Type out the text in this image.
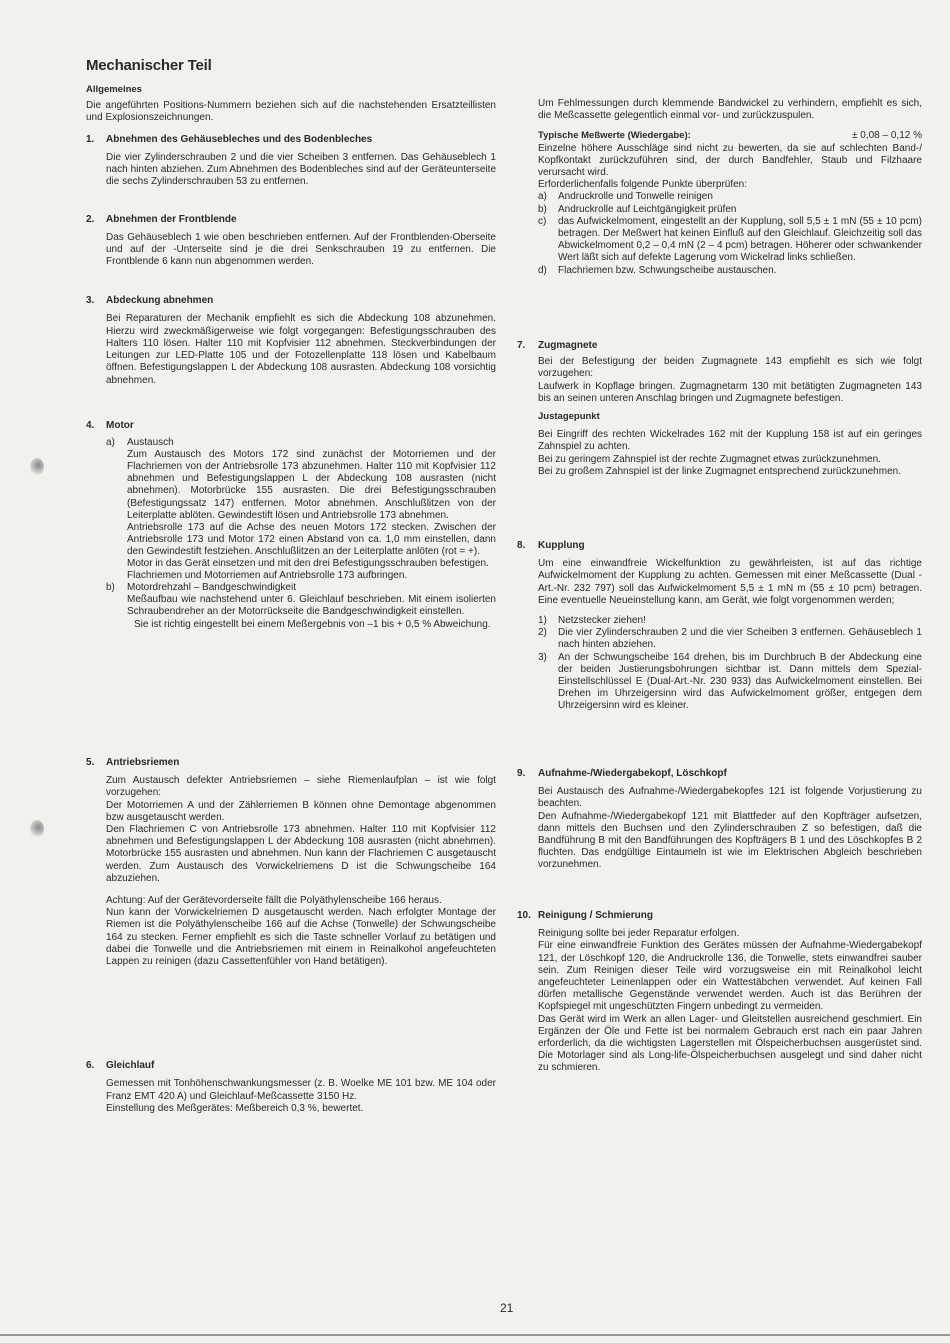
Mechanischer Teil
Allgemeines

Die angeführten Positions-Nummern beziehen sich auf die nachstehenden Ersatzteillisten und Explosionszeichnungen.

1.	Abnehmen des Gehäusebleches und des Bodenbleches

Die vier Zylinderschrauben 2 und die vier Scheiben 3 entfernen. Das Gehäuseblech 1 nach hinten abziehen. Zum Abnehmen des Bodenbleches sind auf der Geräteunterseite die sechs Zylinderschrauben 53 zu entfernen.

2.	Abnehmen der Frontblende

Das Gehäuseblech 1 wie oben beschrieben entfernen. Auf der Frontblenden-Oberseite und auf der -Unterseite sind je die drei Senkschrauben 19 zu entfernen. Die Frontblende 6 kann nun abgenommen werden.

3.	Abdeckung abnehmen

Bei Reparaturen der Mechanik empfiehlt es sich die Abdeckung 108 abzunehmen. Hierzu wird zweckmäßigerweise wie folgt vorgegangen: Befestigungsschrauben des Halters 110 lösen. Halter 110 mit Kopfvisier 112 abnehmen. Steckverbindungen der Leitungen zur LED-Platte 105 und der Fotozellenplatte 118 lösen und Kabelbaum öffnen. Befestigungslappen L der Abdeckung 108 ausrasten. Abdeckung 108 vorsichtig abnehmen.

4.	Motor
a)	Austausch

Zum Austausch des Motors 172 sind zunächst der Motorriemen und der Flachriemen von der Antriebsrolle 173 abzunehmen. Halter 110 mit Kopfvisier 112 abnehmen und Befestigungslappen L der Abdeckung 108 ausrasten (nicht abnehmen). Motorbrücke 155 ausrasten. Die drei Befestigungsschrauben (Befestigungssatz 147) entfernen. Motor abnehmen. Anschlußlitzen von der Leiterplatte ablöten. Gewindestift lösen und Antriebsrolle 173 abnehmen.

Antriebsrolle 173 auf die Achse des neuen Motors 172 stecken. Zwischen der Antriebsrolle 173 und Motor 172 einen Abstand von ca. 1,0 mm einstellen, dann den Gewindestift festziehen. Anschlußlitzen an der Leiterplatte anlöten (rot = +).

Motor in das Gerät einsetzen und mit den drei Befestigungsschrauben befestigen.

Flachriemen und Motorriemen auf Antriebsrolle 173 aufbringen.

b)	Motordrehzahl – Bandgeschwindigkeit

Meßaufbau wie nachstehend unter 6. Gleichlauf beschrieben. Mit einem isolierten Schraubendreher an der Motorrückseite die Bandgeschwindigkeit einstellen.

Sie ist richtig eingestellt bei einem Meßergebnis von –1 bis + 0,5 % Abweichung.

5.	Antriebsriemen

Zum Austausch defekter Antriebsriemen – siehe Riemenlaufplan – ist wie folgt vorzugehen:

Der Motorriemen A und der Zählerriemen B können ohne Demontage abgenommen bzw ausgetauscht werden.

Den Flachriemen C von Antriebsrolle 173 abnehmen. Halter 110 mit Kopfvisier 112 abnehmen und Befestigungslappen L der Abdeckung 108 ausrasten (nicht abnehmen). Motorbrücke 155 ausrasten und abnehmen. Nun kann der Flachriemen C ausgetauscht werden. Zum Austausch des Vorwickelriemens D ist die Schwungscheibe 164 abzuziehen.

Achtung: Auf der Gerätevorderseite fällt die Polyäthylenscheibe 166 heraus.

Nun kann der Vorwickelriemen D ausgetauscht werden. Nach erfolgter Montage der Riemen ist die Polyäthylenscheibe 166 auf die Achse (Tonwelle) der Schwungscheibe 164 zu stecken. Ferner empfiehlt es sich die Taste schneller Vorlauf zu betätigen und dabei die Tonwelle und die Antriebsriemen mit einem in Reinalkohol angefeuchteten Lappen zu reinigen (dazu Cassettenfühler von Hand betätigen).

6.	Gleichlauf

Gemessen mit Tonhöhenschwankungsmesser (z. B. Woelke ME 101 bzw. ME 104 oder Franz EMT 420 A) und Gleichlauf-Meßcassette 3150 Hz.

Einstellung des Meßgerätes: Meßbereich 0,3 %, bewertet.

Um Fehlmessungen durch klemmende Bandwickel zu verhindern, empfiehlt es sich, die Meßcassette gelegentlich einmal vor- und zurückzuspulen.

Typische Meßwerte (Wiedergabe):	± 0,08 – 0,12 %

Einzelne höhere Ausschläge sind nicht zu bewerten, da sie auf schlechten Band-/ Kopfkontakt zurückzuführen sind, der durch Bandfehler, Staub und Filzhaare verursacht wird.

Erforderlichenfalls folgende Punkte überprüfen:

a) Andruckrolle und Tonwelle reinigen
b) Andruckrolle auf Leichtgängigkeit prüfen
c) das Aufwickelmoment, eingestellt an der Kupplung, soll 5,5 ± 1 mN (55 ± 10 pcm) betragen. Der Meßwert hat keinen Einfluß auf den Gleichlauf. Gleichzeitig soll das Abwickelmoment 0,2 – 0,4 mN (2 – 4 pcm) betragen. Höherer oder schwankender Wert läßt sich auf defekte Lagerung vom Wickelrad links schließen.
d) Flachriemen bzw. Schwungscheibe austauschen.
7.	Zugmagnete

Bei der Befestigung der beiden Zugmagnete 143 empfiehlt es sich wie folgt vorzugehen:

Laufwerk in Kopflage bringen. Zugmagnetarm 130 mit betätigten Zugmagneten 143 bis an seinen unteren Anschlag bringen und Zugmagnete befestigen.

Justagepunkt

Bei Eingriff des rechten Wickelrades 162 mit der Kupplung 158 ist auf ein geringes Zahnspiel zu achten.

Bei zu geringem Zahnspiel ist der rechte Zugmagnet etwas zurückzunehmen.

Bei zu großem Zahnspiel ist der linke Zugmagnet entsprechend zurückzunehmen.

8.	Kupplung

Um eine einwandfreie Wickelfunktion zu gewährleisten, ist auf das richtige Aufwickelmoment der Kupplung zu achten. Gemessen mit einer Meßcassette (Dual -Art.-Nr. 232 797) soll das Aufwickelmoment 5,5 ± 1 mN m (55 ± 10 pcm) betragen. Eine eventuelle Neueinstellung kann, am Gerät, wie folgt vorgenommen werden;

1) Netzstecker ziehen!
2) Die vier Zylinderschrauben 2 und die vier Scheiben 3 entfernen. Gehäuseblech 1 nach hinten abziehen.
3) An der Schwungscheibe 164 drehen, bis im Durchbruch B der Abdeckung eine der beiden Justierungsbohrungen sichtbar ist. Dann mittels dem Spezial-Einstellschlüssel E (Dual-Art.-Nr. 230 933) das Aufwickelmoment einstellen. Bei Drehen im Uhrzeigersinn wird das Aufwickelmoment größer, entgegen dem Uhrzeigersinn wird es kleiner.
9.	Aufnahme-/Wiedergabekopf, Löschkopf

Bei Austausch des Aufnahme-/Wiedergabekopfes 121 ist folgende Vorjustierung zu beachten.

Den Aufnahme-/Wiedergabekopf 121 mit Blattfeder auf den Kopfträger aufsetzen, dann mittels den Buchsen und den Zylinderschrauben Z so befestigen, daß die Bandführung B mit den Bandführungen des Kopfträgers B 1 und des Löschkopfes B 2 fluchten. Das endgültige Eintaumeln ist wie im Elektrischen Abgleich beschrieben vorzunehmen.

10. Reinigung / Schmierung

Reinigung sollte bei jeder Reparatur erfolgen.

Für eine einwandfreie Funktion des Gerätes müssen der Aufnahme-Wiedergabekopf 121, der Löschkopf 120, die Andruckrolle 136, die Tonwelle, stets einwandfrei sauber sein. Zum Reinigen dieser Teile wird vorzugsweise ein mit Reinalkohol leicht angefeuchteter Leinenlappen oder ein Wattestäbchen verwendet. Auf keinen Fall dürfen metallische Gegenstände verwendet werden. Auch ist das Berühren der Kopfspiegel mit ungeschützten Fingern unbedingt zu vermeiden.

Das Gerät wird im Werk an allen Lager- und Gleitstellen ausreichend geschmiert. Ein Ergänzen der Öle und Fette ist bei normalem Gebrauch erst nach ein paar Jahren erforderlich, da die wichtigsten Lagerstellen mit Ölspeicherbuchsen ausgerüstet sind. Die Motorlager sind als Long-life-Ölspeicherbuchsen ausgelegt und sind daher nicht zu schmieren.

21
